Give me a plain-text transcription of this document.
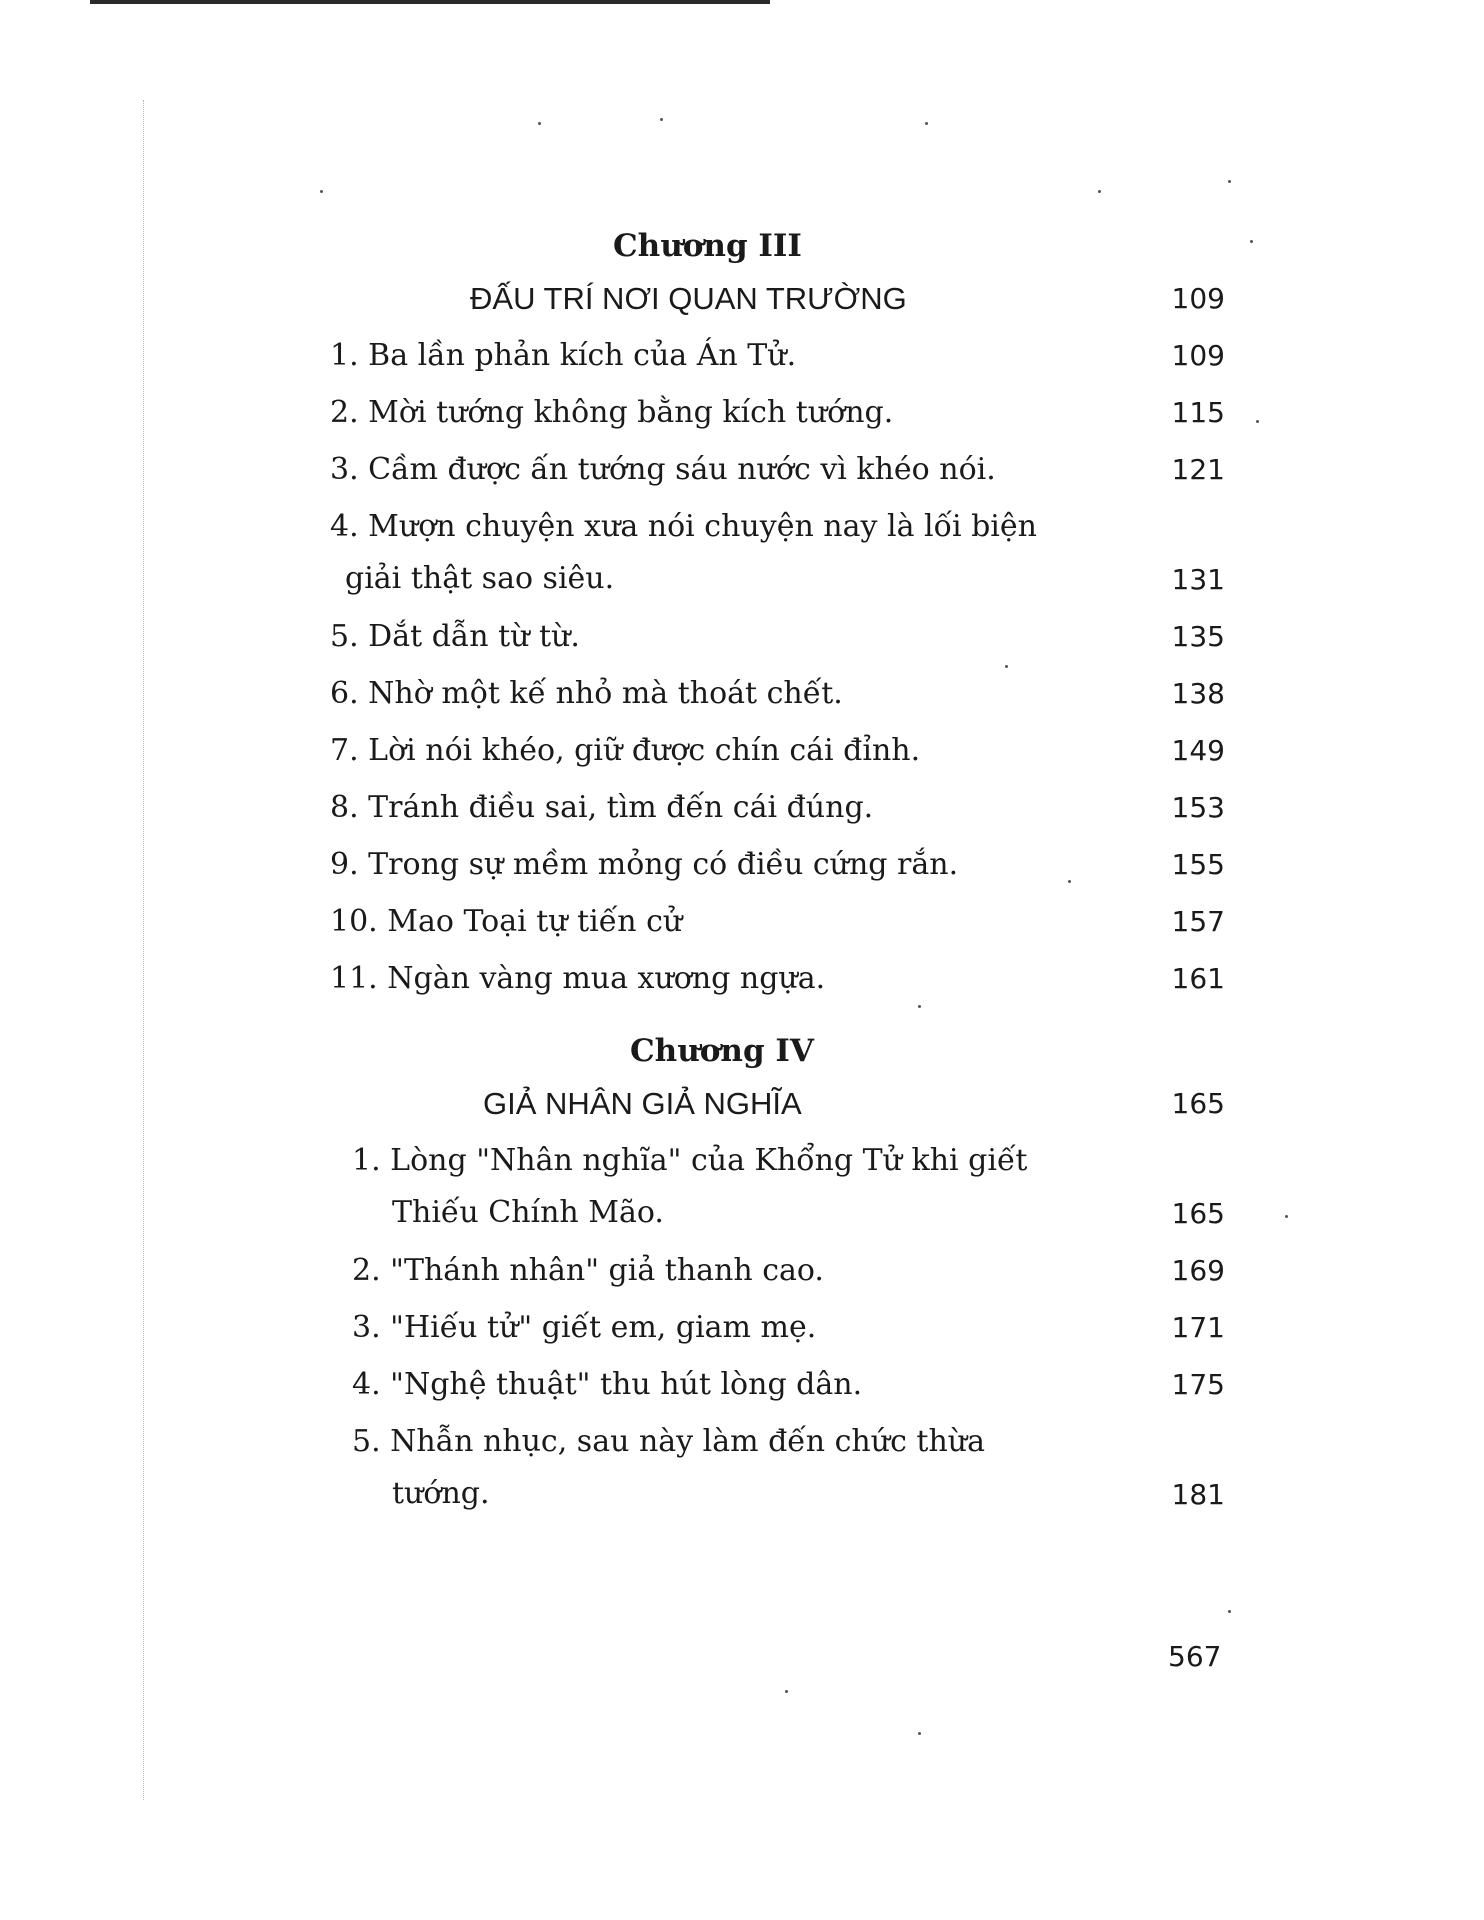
Chương III
ĐẤU TRÍ NƠI QUAN TRƯỜNG	109
1. Ba lần phản kích của Án Tử.	109
2. Mời tướng không bằng kích tướng.	115
3. Cầm được ấn tướng sáu nước vì khéo nói.	121
4. Mượn chuyện xưa nói chuyện nay là lối biện
giải thật sao siêu.	131
5. Dắt dẫn từ từ.	135
6. Nhờ một kế nhỏ mà thoát chết.	138
7. Lời nói khéo, giữ được chín cái đỉnh.	149
8. Tránh điều sai, tìm đến cái đúng.	153
9. Trong sự mềm mỏng có điều cứng rắn.	155
10. Mao Toại tự tiến cử	157
11. Ngàn vàng mua xương ngựa.	161
Chương IV
GIẢ NHÂN GIẢ NGHĨA	165
1. Lòng "Nhân nghĩa" của Khổng Tử khi giết
Thiếu Chính Mão.	165
2. "Thánh nhân" giả thanh cao.	169
3. "Hiếu tử" giết em, giam mẹ.	171
4. "Nghệ thuật" thu hút lòng dân.	175
5. Nhẫn nhục, sau này làm đến chức thừa
tướng.	181
567
